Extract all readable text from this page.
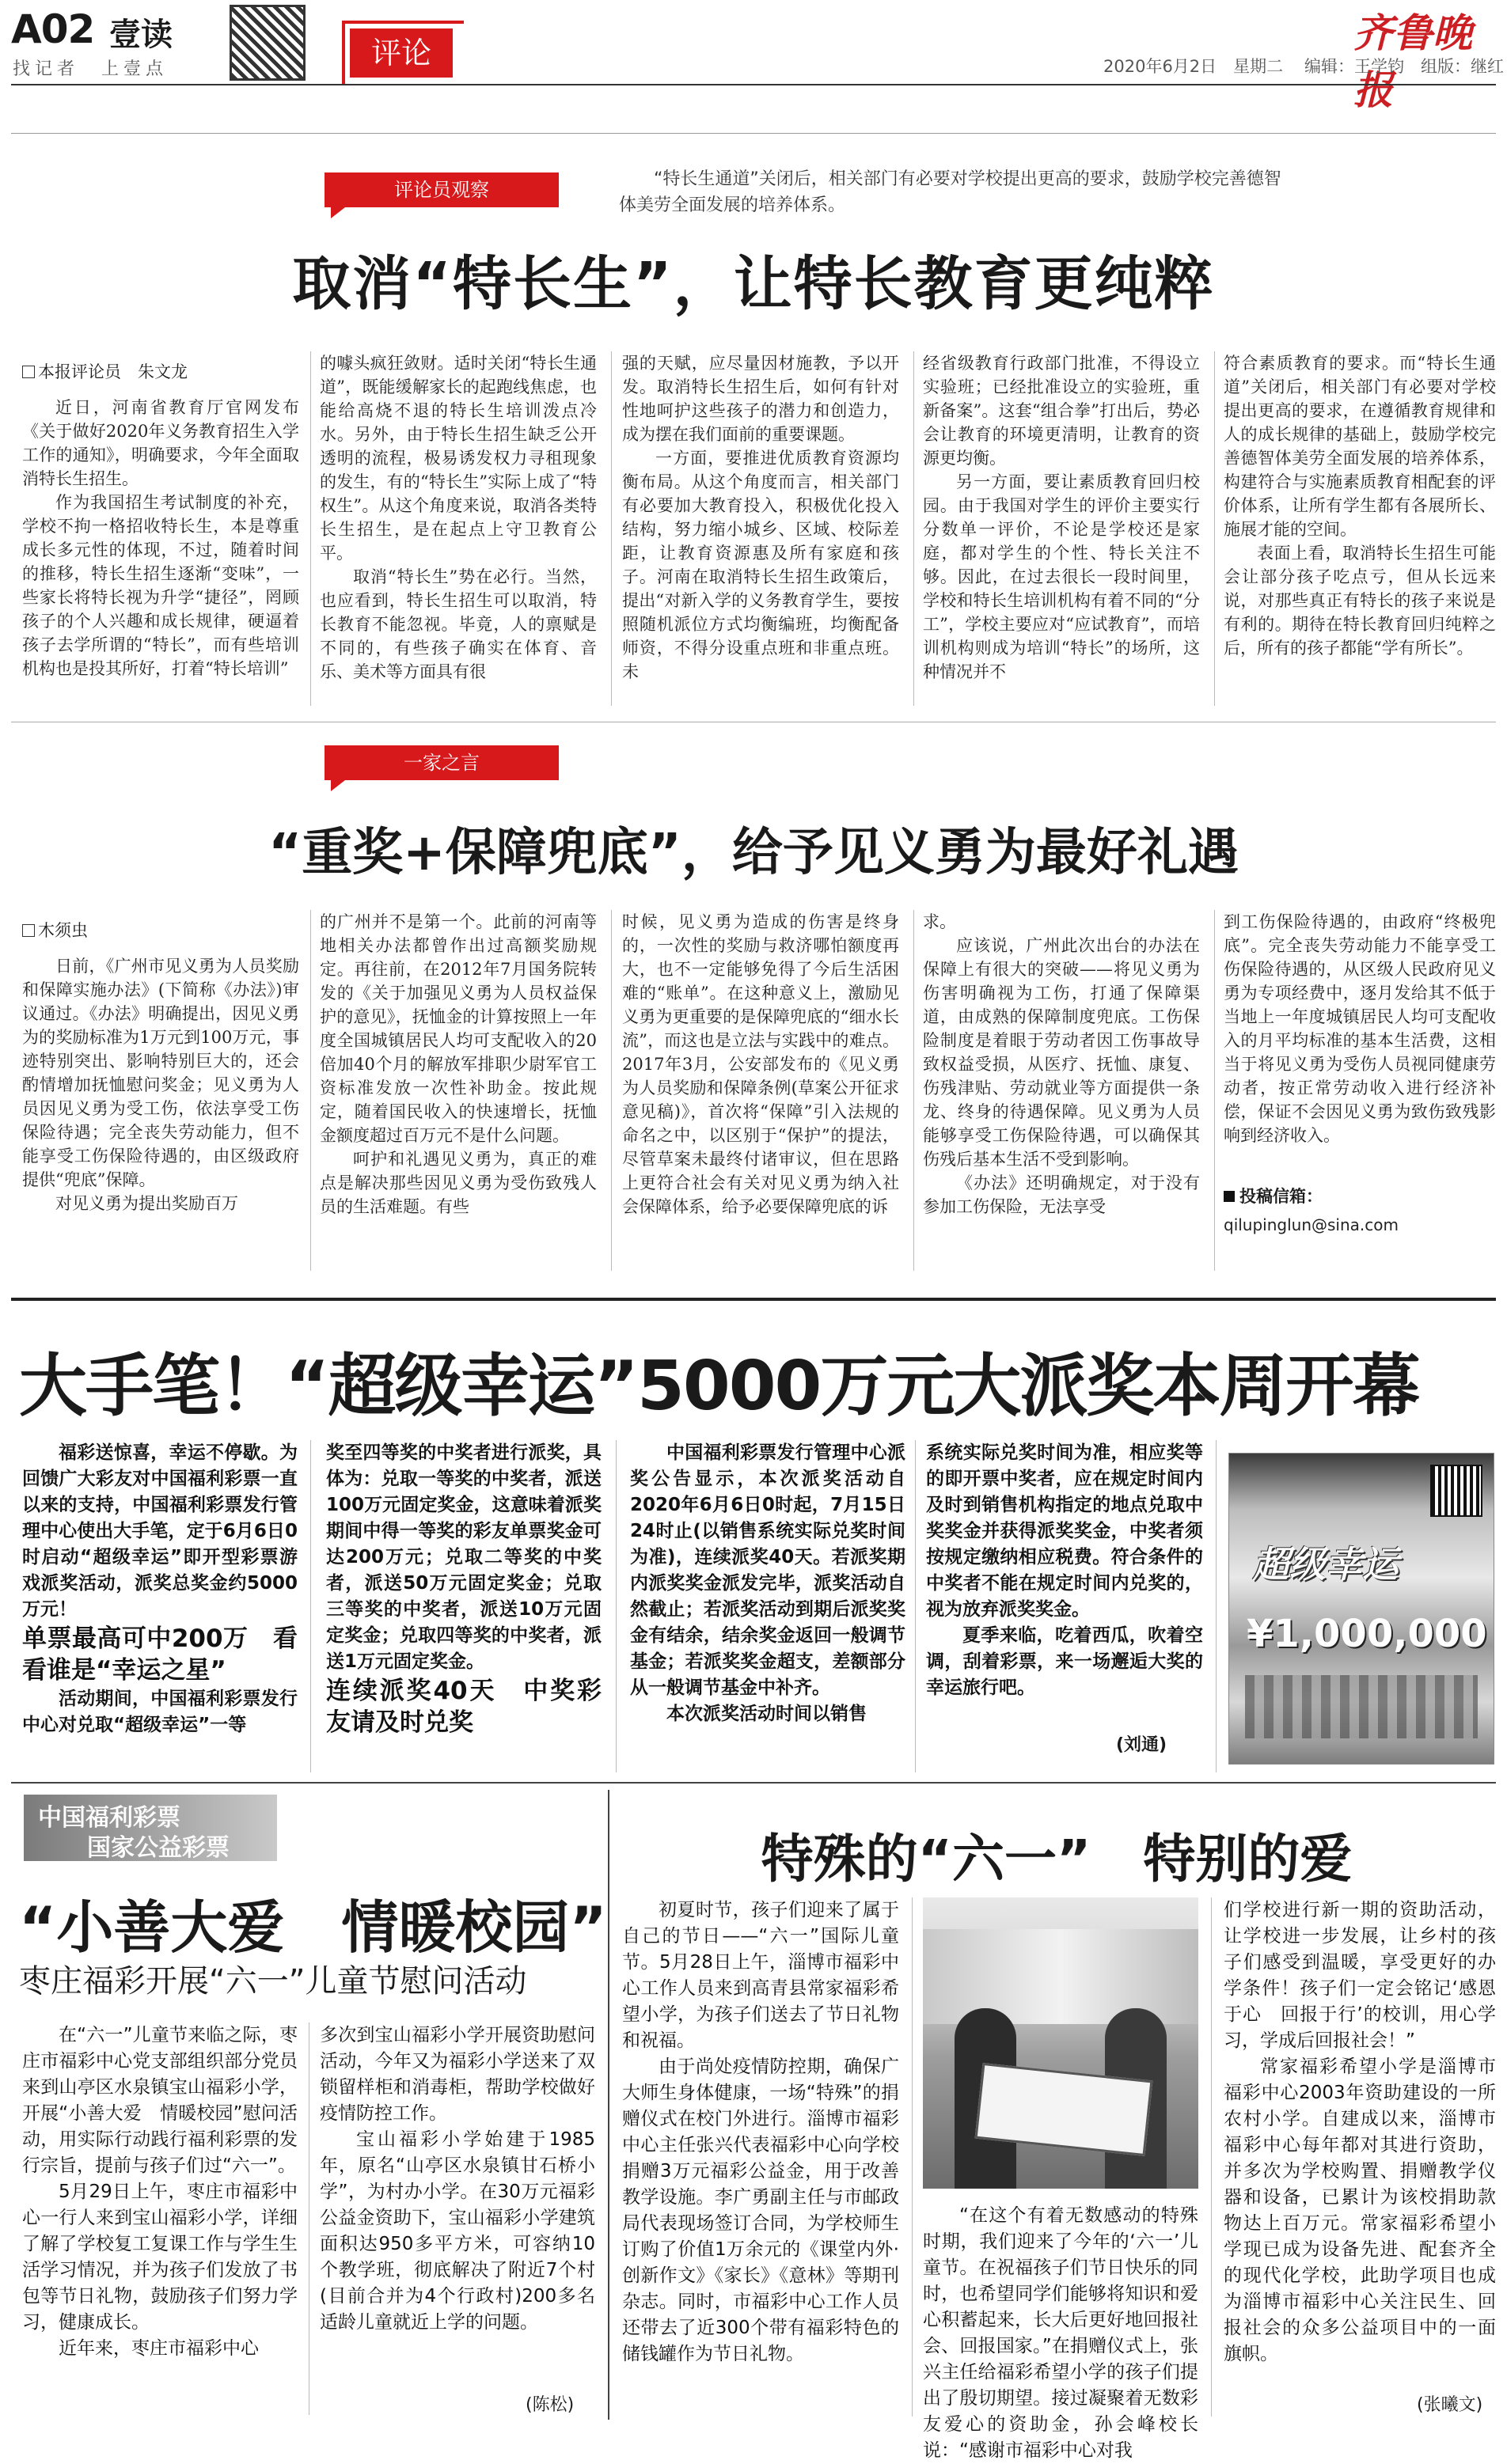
A02 壹读
找记者　上壹点	评论	齐鲁晚报
2020年6月2日　星期二 编辑：王学钧　组版：继红
评论员观察	“特长生通道”关闭后，相关部门有必要对学校提出更高的要求，鼓励学校完善德智体美劳全面发展的培养体系。
取消“特长生”，让特长教育更纯粹
本报评论员　朱文龙

近日，河南省教育厅官网发布《关于做好2020年义务教育招生入学工作的通知》，明确要求，今年全面取消特长生招生。

作为我国招生考试制度的补充，学校不拘一格招收特长生，本是尊重成长多元性的体现，不过，随着时间的推移，特长生招生逐渐“变味”，一些家长将特长视为升学“捷径”，罔顾孩子的个人兴趣和成长规律，硬逼着孩子去学所谓的“特长”，而有些培训机构也是投其所好，打着“特长培训”

的噱头疯狂敛财。适时关闭“特长生通道”，既能缓解家长的起跑线焦虑，也能给高烧不退的特长生培训泼点冷水。另外，由于特长生招生缺乏公开透明的流程，极易诱发权力寻租现象的发生，有的“特长生”实际上成了“特权生”。从这个角度来说，取消各类特长生招生，是在起点上守卫教育公平。

取消“特长生”势在必行。当然，也应看到，特长生招生可以取消，特长教育不能忽视。毕竟，人的禀赋是不同的，有些孩子确实在体育、音乐、美术等方面具有很

强的天赋，应尽量因材施教，予以开发。取消特长生招生后，如何有针对性地呵护这些孩子的潜力和创造力，成为摆在我们面前的重要课题。

一方面，要推进优质教育资源均衡布局。从这个角度而言，相关部门有必要加大教育投入，积极优化投入结构，努力缩小城乡、区域、校际差距，让教育资源惠及所有家庭和孩子。河南在取消特长生招生政策后，提出“对新入学的义务教育学生，要按照随机派位方式均衡编班，均衡配备师资，不得分设重点班和非重点班。未

经省级教育行政部门批准，不得设立实验班；已经批准设立的实验班，重新备案”。这套“组合拳”打出后，势必会让教育的环境更清明，让教育的资源更均衡。

另一方面，要让素质教育回归校园。由于我国对学生的评价主要实行分数单一评价，不论是学校还是家庭，都对学生的个性、特长关注不够。因此，在过去很长一段时间里，学校和特长生培训机构有着不同的“分工”，学校主要应对“应试教育”，而培训机构则成为培训“特长”的场所，这种情况并不

符合素质教育的要求。而“特长生通道”关闭后，相关部门有必要对学校提出更高的要求，在遵循教育规律和人的成长规律的基础上，鼓励学校完善德智体美劳全面发展的培养体系，构建符合与实施素质教育相配套的评价体系，让所有学生都有各展所长、施展才能的空间。

表面上看，取消特长生招生可能会让部分孩子吃点亏，但从长远来说，对那些真正有特长的孩子来说是有利的。期待在特长教育回归纯粹之后，所有的孩子都能“学有所长”。

一家之言
“重奖+保障兜底”，给予见义勇为最好礼遇
木须虫

日前，《广州市见义勇为人员奖励和保障实施办法》(下简称《办法》)审议通过。《办法》明确提出，因见义勇为的奖励标准为1万元到100万元，事迹特别突出、影响特别巨大的，还会酌情增加抚恤慰问奖金；见义勇为人员因见义勇为受工伤，依法享受工伤保险待遇；完全丧失劳动能力，但不能享受工伤保险待遇的，由区级政府提供“兜底”保障。

对见义勇为提出奖励百万

的广州并不是第一个。此前的河南等地相关办法都曾作出过高额奖励规定。再往前，在2012年7月国务院转发的《关于加强见义勇为人员权益保护的意见》，抚恤金的计算按照上一年度全国城镇居民人均可支配收入的20倍加40个月的解放军排职少尉军官工资标准发放一次性补助金。按此规定，随着国民收入的快速增长，抚恤金额度超过百万元不是什么问题。

呵护和礼遇见义勇为，真正的难点是解决那些因见义勇为受伤致残人员的生活难题。有些

时候，见义勇为造成的伤害是终身的，一次性的奖励与救济哪怕额度再大，也不一定能够免得了今后生活困难的“账单”。在这种意义上，激励见义勇为更重要的是保障兜底的“细水长流”，而这也是立法与实践中的难点。2017年3月，公安部发布的《见义勇为人员奖励和保障条例(草案公开征求意见稿)》，首次将“保障”引入法规的命名之中，以区别于“保护”的提法，尽管草案未最终付诸审议，但在思路上更符合社会有关对见义勇为纳入社会保障体系，给予必要保障兜底的诉

求。

应该说，广州此次出台的办法在保障上有很大的突破——将见义勇为伤害明确视为工伤，打通了保障渠道，由成熟的保障制度兜底。工伤保险制度是着眼于劳动者因工伤事故导致权益受损，从医疗、抚恤、康复、伤残津贴、劳动就业等方面提供一条龙、终身的待遇保障。见义勇为人员能够享受工伤保险待遇，可以确保其伤残后基本生活不受到影响。

《办法》还明确规定，对于没有参加工伤保险，无法享受

到工伤保险待遇的，由政府“终极兜底”。完全丧失劳动能力不能享受工伤保险待遇的，从区级人民政府见义勇为专项经费中，逐月发给其不低于当地上一年度城镇居民人均可支配收入的月平均标准的基本生活费，这相当于将见义勇为受伤人员视同健康劳动者，按正常劳动收入进行经济补偿，保证不会因见义勇为致伤致残影响到经济收入。

投稿信箱：
qilupinglun@sina.com
大手笔！“超级幸运”5000万元大派奖本周开幕

福彩送惊喜，幸运不停歇。为回馈广大彩友对中国福利彩票一直以来的支持，中国福利彩票发行管理中心使出大手笔，定于6月6日0时启动“超级幸运”即开型彩票游戏派奖活动，派奖总奖金约5000万元！

单票最高可中200万　看看谁是“幸运之星”

活动期间，中国福利彩票发行中心对兑取“超级幸运”一等

奖至四等奖的中奖者进行派奖，具体为：兑取一等奖的中奖者，派送100万元固定奖金，这意味着派奖期间中得一等奖的彩友单票奖金可达200万元；兑取二等奖的中奖者，派送50万元固定奖金；兑取三等奖的中奖者，派送10万元固定奖金；兑取四等奖的中奖者，派送1万元固定奖金。

连续派奖40天　中奖彩友请及时兑奖

中国福利彩票发行管理中心派奖公告显示，本次派奖活动自2020年6月6日0时起，7月15日24时止(以销售系统实际兑奖时间为准)，连续派奖40天。若派奖期内派奖奖金派发完毕，派奖活动自然截止；若派奖活动到期后派奖奖金有结余，结余奖金返回一般调节基金；若派奖奖金超支，差额部分从一般调节基金中补齐。

本次派奖活动时间以销售

系统实际兑奖时间为准，相应奖等的即开票中奖者，应在规定时间内及时到销售机构指定的地点兑取中奖奖金并获得派奖奖金，中奖者须按规定缴纳相应税费。符合条件的中奖者不能在规定时间内兑奖的，视为放弃派奖奖金。

夏季来临，吃着西瓜，吹着空调，刮着彩票，来一场邂逅大奖的幸运旅行吧。

(刘通)
超级幸运
¥1,000,000
中国福利彩票
国家公益彩票
“小善大爱　情暖校园”
枣庄福彩开展“六一”儿童节慰问活动

在“六一”儿童节来临之际，枣庄市福彩中心党支部组织部分党员来到山亭区水泉镇宝山福彩小学，开展“小善大爱　情暖校园”慰问活动，用实际行动践行福利彩票的发行宗旨，提前与孩子们过“六一”。

5月29日上午，枣庄市福彩中心一行人来到宝山福彩小学，详细了解了学校复工复课工作与学生生活学习情况，并为孩子们发放了书包等节日礼物，鼓励孩子们努力学习，健康成长。

近年来，枣庄市福彩中心

多次到宝山福彩小学开展资助慰问活动，今年又为福彩小学送来了双锁留样柜和消毒柜，帮助学校做好疫情防控工作。

宝山福彩小学始建于1985年，原名“山亭区水泉镇甘石桥小学”，为村办小学。在30万元福彩公益金资助下，宝山福彩小学建筑面积达950多平方米，可容纳10个教学班，彻底解决了附近7个村(目前合并为4个行政村)200多名适龄儿童就近上学的问题。

(陈松)
特殊的“六一”　特别的爱

初夏时节，孩子们迎来了属于自己的节日——“六一”国际儿童节。5月28日上午，淄博市福彩中心工作人员来到高青县常家福彩希望小学，为孩子们送去了节日礼物和祝福。

由于尚处疫情防控期，确保广大师生身体健康，一场“特殊”的捐赠仪式在校门外进行。淄博市福彩中心主任张兴代表福彩中心向学校捐赠3万元福彩公益金，用于改善教学设施。李广勇副主任与市邮政局代表现场签订合同，为学校师生订购了价值1万余元的《课堂内外·创新作文》《家长》《意林》等期刊杂志。同时，市福彩中心工作人员还带去了近300个带有福彩特色的储钱罐作为节日礼物。

“在这个有着无数感动的特殊时期，我们迎来了今年的‘六一’儿童节。在祝福孩子们节日快乐的同时，也希望同学们能够将知识和爱心积蓄起来，长大后更好地回报社会、回报国家。”在捐赠仪式上，张兴主任给福彩希望小学的孩子们提出了殷切期望。接过凝聚着无数彩友爱心的资助金，孙会峰校长说：“感谢市福彩中心对我

们学校进行新一期的资助活动，让学校进一步发展，让乡村的孩子们感受到温暖，享受更好的办学条件！孩子们一定会铭记‘感恩于心　回报于行’的校训，用心学习，学成后回报社会！”

常家福彩希望小学是淄博市福彩中心2003年资助建设的一所农村小学。自建成以来，淄博市福彩中心每年都对其进行资助，并多次为学校购置、捐赠教学仪器和设备，已累计为该校捐助款物达上百万元。常家福彩希望小学现已成为设备先进、配套齐全的现代化学校，此助学项目也成为淄博市福彩中心关注民生、回报社会的众多公益项目中的一面旗帜。

(张曦文)
